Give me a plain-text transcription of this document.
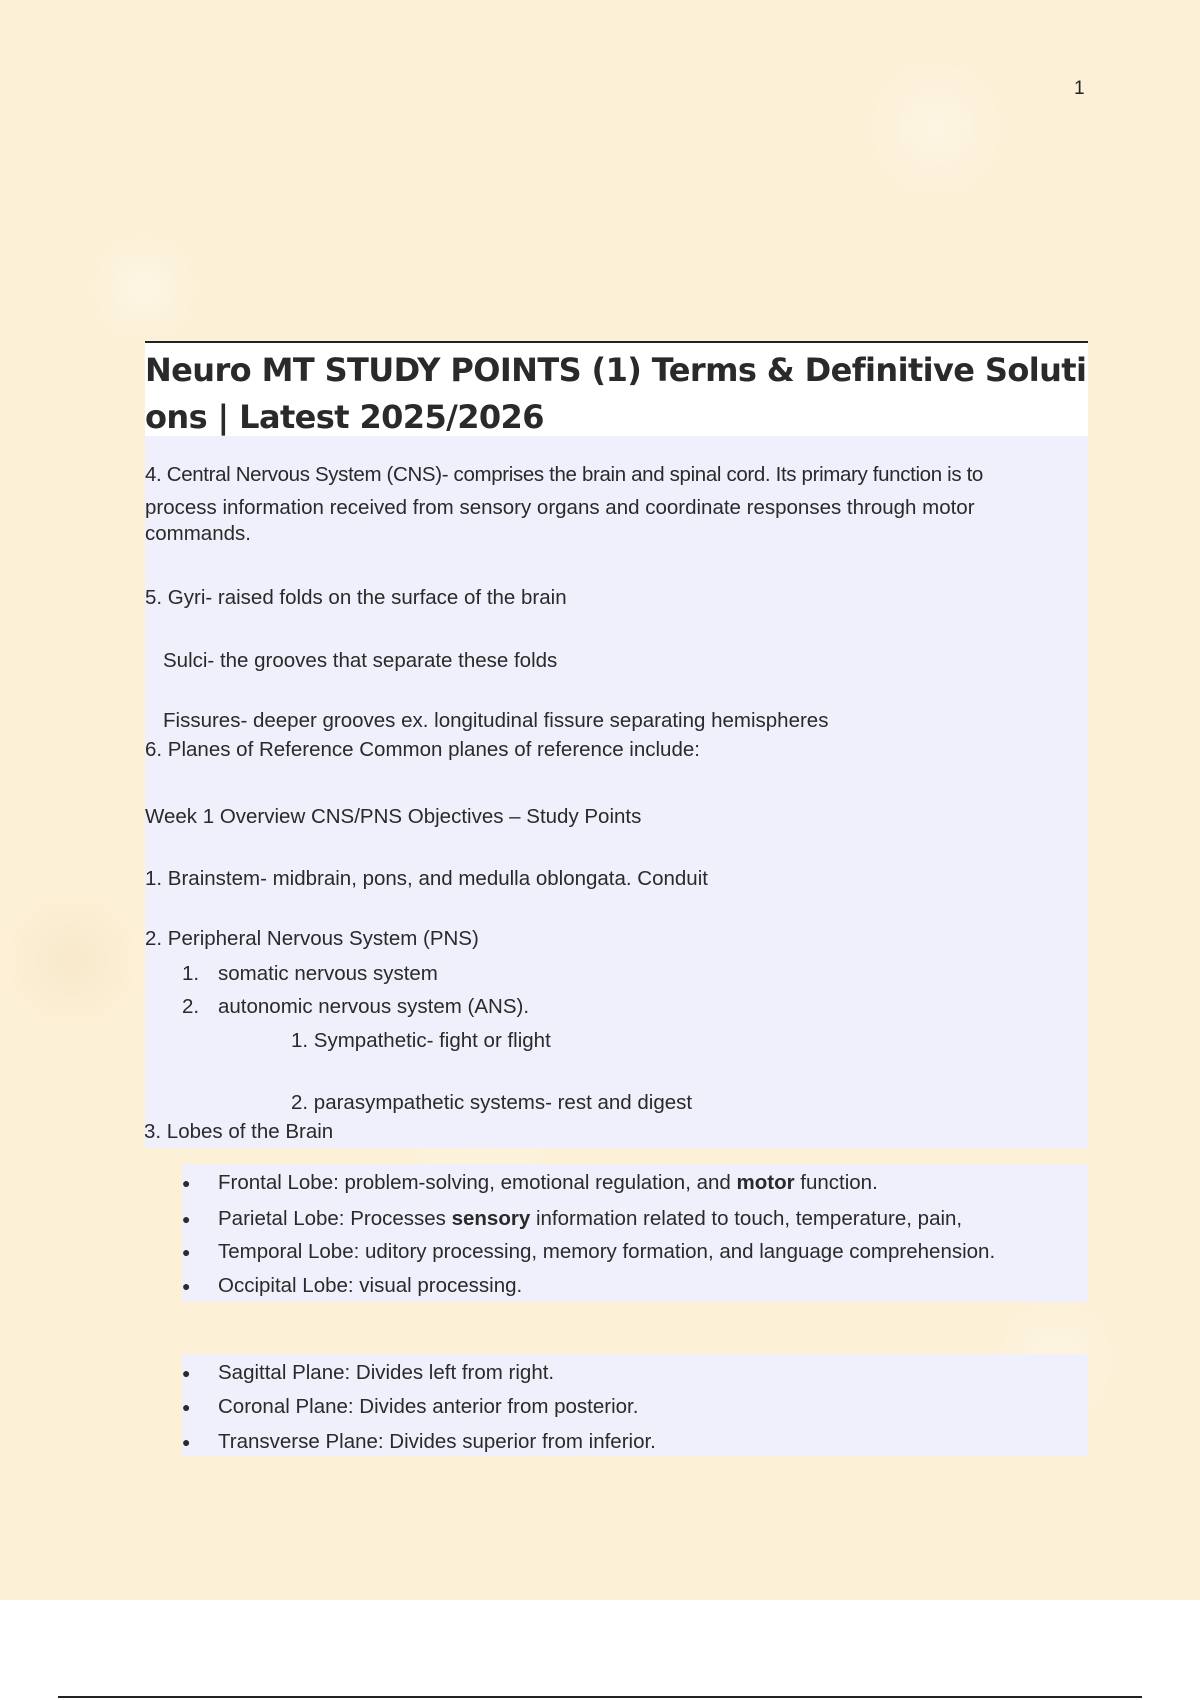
1
Neuro MT STUDY POINTS (1) Terms & Definitive Solutions | Latest 2025/2026
4. Central Nervous System (CNS)- comprises the brain and spinal cord. Its primary function is to
process information received from sensory organs and coordinate responses through motor
commands.
5. Gyri- raised folds on the surface of the brain
Sulci- the grooves that separate these folds
Fissures- deeper grooves ex. longitudinal fissure separating hemispheres
6. Planes of Reference Common planes of reference include:
Week 1 Overview CNS/PNS Objectives – Study Points
1. Brainstem- midbrain, pons, and medulla oblongata. Conduit
2. Peripheral Nervous System (PNS)
1. somatic nervous system
2. autonomic nervous system (ANS).
1. Sympathetic- fight or flight
2. parasympathetic systems- rest and digest
3. Lobes of the Brain
● Frontal Lobe: problem-solving, emotional regulation, and motor function.
● Parietal Lobe: Processes sensory information related to touch, temperature, pain,
● Temporal Lobe: uditory processing, memory formation, and language comprehension.
● Occipital Lobe: visual processing.
● Sagittal Plane: Divides left from right.
● Coronal Plane: Divides anterior from posterior.
● Transverse Plane: Divides superior from inferior.
